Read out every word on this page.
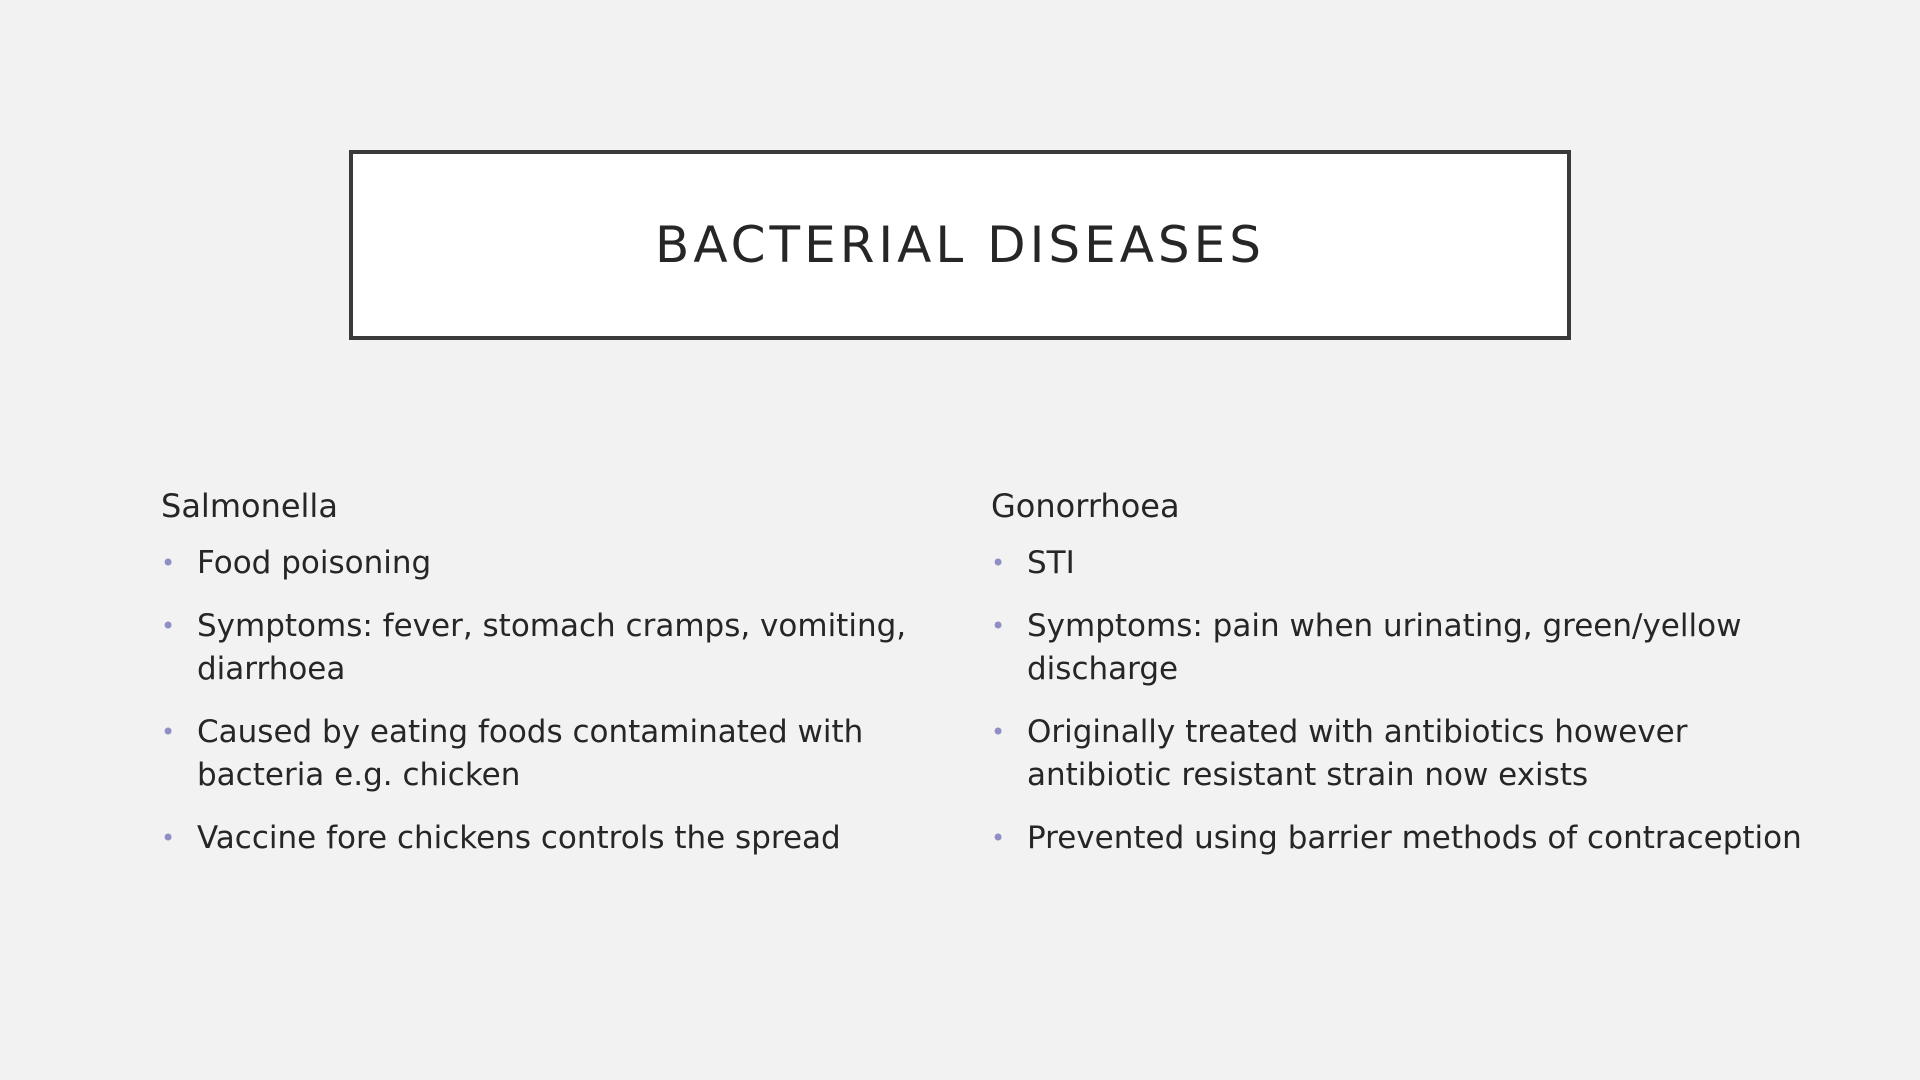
BACTERIAL DISEASES
Salmonella
• Food poisoning
• Symptoms: fever, stomach cramps, vomiting, diarrhoea
• Caused by eating foods contaminated with bacteria e.g. chicken
• Vaccine fore chickens controls the spread
Gonorrhoea
• STI
• Symptoms: pain when urinating, green/yellow discharge
• Originally treated with antibiotics however antibiotic resistant strain now exists
• Prevented using barrier methods of contraception
